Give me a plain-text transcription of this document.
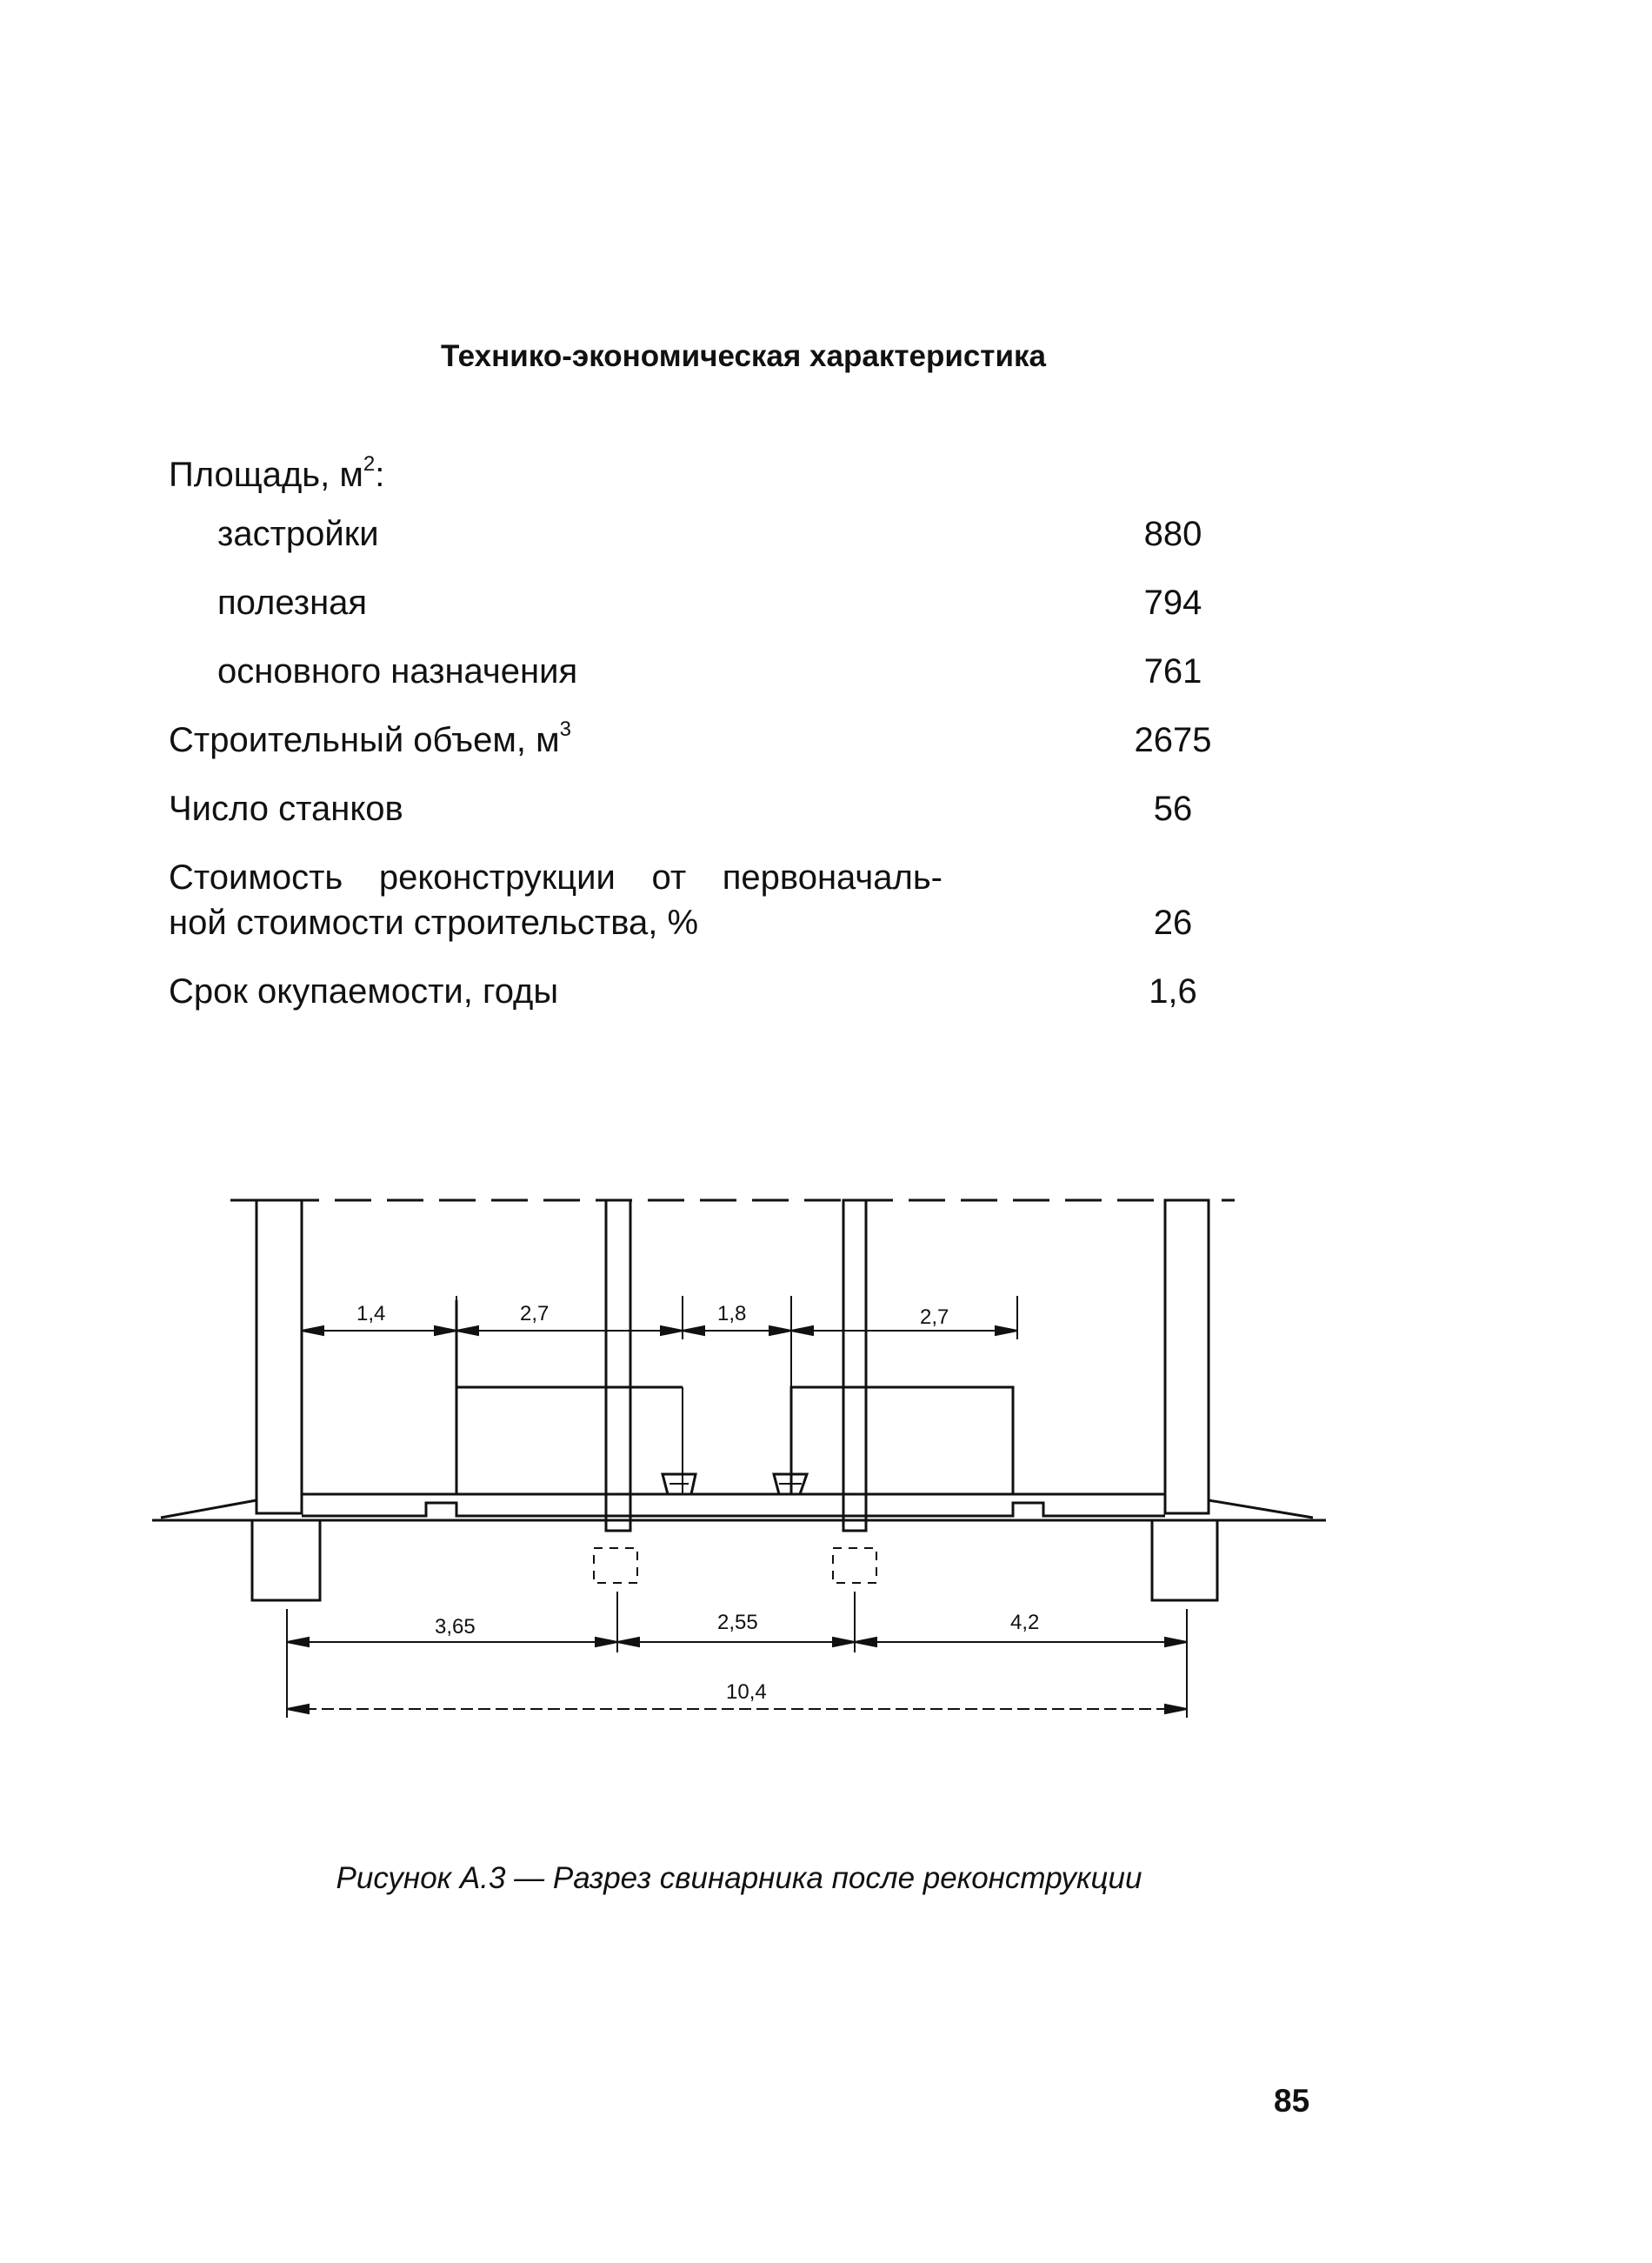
Технико-экономическая характеристика
Площадь, $м^2$:
застройки	880
полезная	794
основного назначения	761
Строительный объем, $м^3$	2675
Число станков	56
Стоимость реконструкции от первоначаль-
ной стоимости строительства, %	26
Срок окупаемости, годы	1,6
1,4	2,7	1,8	2,7
3,65	2,55	4,2
10,4
Рисунок А.3 — Разрез свинарника после реконструкции
85
